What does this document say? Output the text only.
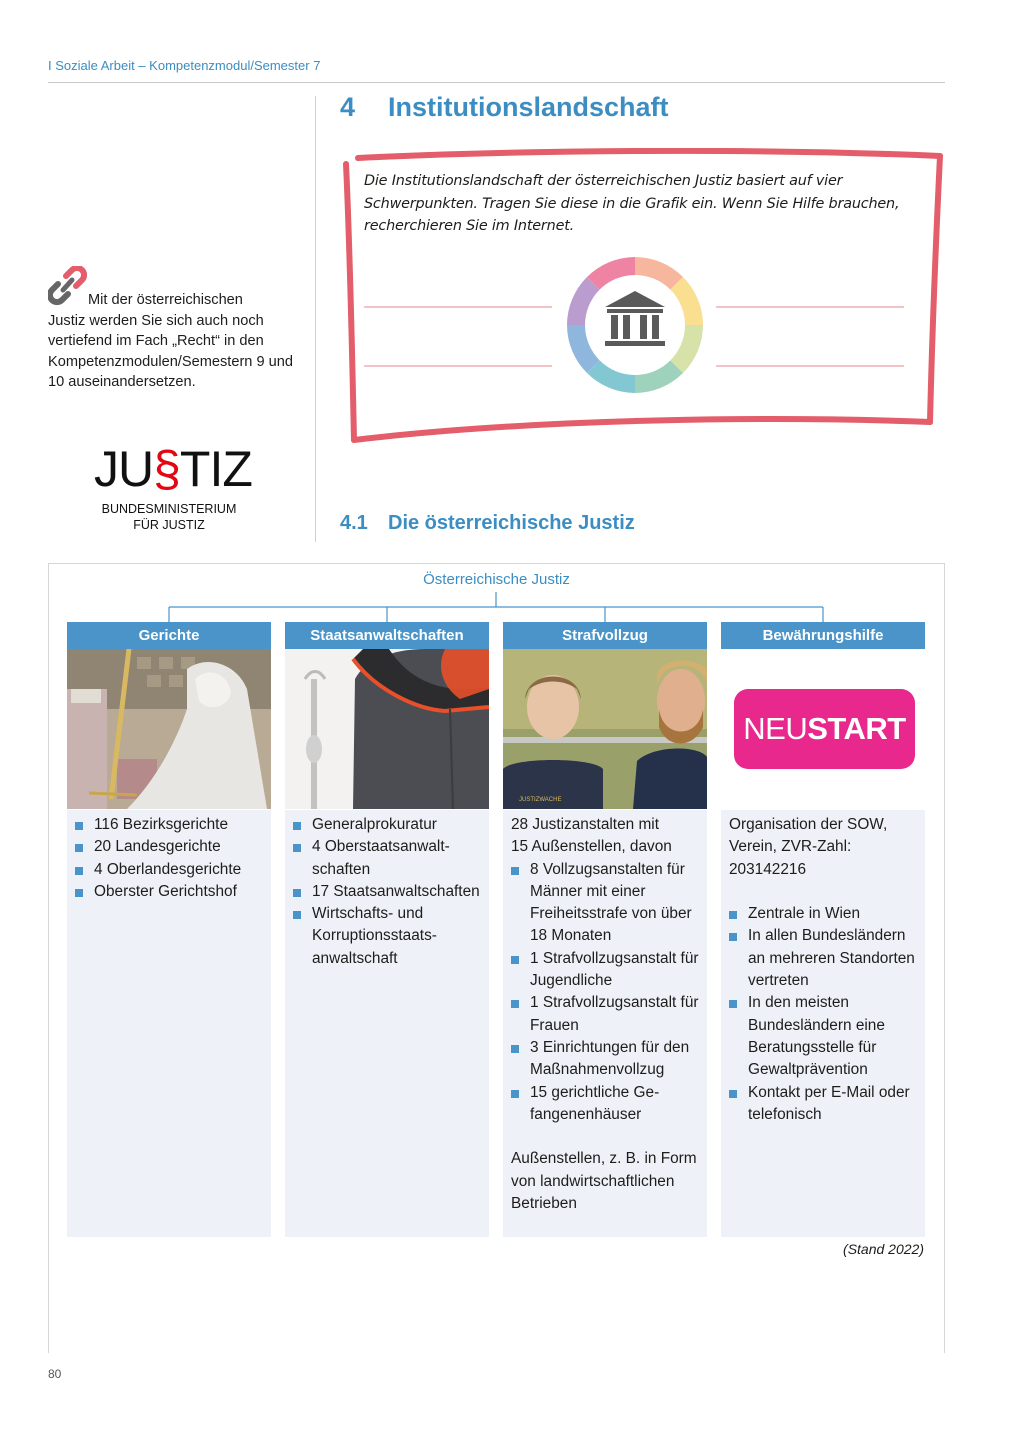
I Soziale Arbeit – Kompetenzmodul/Semester 7
4 Institutionslandschaft

Die Institutionslandschaft der österreichischen Justiz basiert auf vier Schwerpunkten. Tragen Sie diese in die Grafik ein. Wenn Sie Hilfe brauchen, recherchieren Sie im Internet.

Mit der österreichischen
Justiz werden Sie sich auch noch vertiefend im Fach „Recht“ in den Kompetenzmodulen/Semestern 9 und 10 auseinandersetzen.
JU§TIZ
BUNDESMINISTERIUM
FÜR JUSTIZ	4.1 Die österreichische Justiz
Österreichische Justiz
Gerichte
116 Bezirksgerichte
20 Landesgerichte
4 Oberlandesgerichte
Oberster Gerichtshof
Staatsanwaltschaften
Generalprokuratur
4 Oberstaatsanwaltschaften
17 Staatsanwaltschaften
Wirtschafts- und Korruptionsstaatsanwaltschaft
Strafvollzug
JUSTIZWACHE

28 Justizanstalten mit

15 Außenstellen, davon

8 Vollzugsanstalten für Männer mit einer Freiheitsstrafe von über 18 Monaten
1 Strafvollzugsanstalt für Jugendliche
1 Strafvollzugsanstalt für Frauen
3 Einrichtungen für den Maßnahmenvollzug
15 gerichtliche Gefangenenhäuser

Außenstellen, z. B. in Form von landwirtschaftlichen Betrieben

Bewährungshilfe
NEUSTART

Organisation der SOW,

Verein, ZVR-Zahl:

203142216

Zentrale in Wien
In allen Bundesländern an mehreren Standorten vertreten
In den meisten Bundesländern eine Beratungsstelle für Gewaltprävention
Kontakt per E-Mail oder telefonisch
(Stand 2022)
80
